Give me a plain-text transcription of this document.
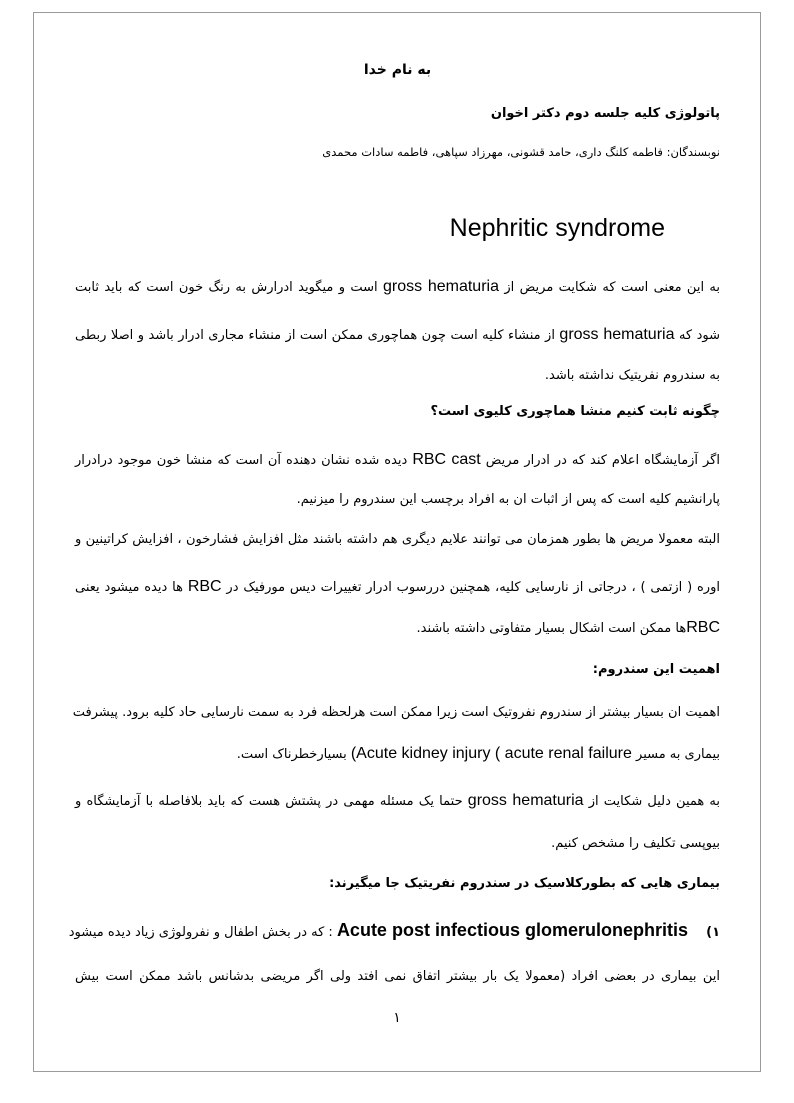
به نام خدا
پاتولوژی کلیه جلسه دوم دکتر اخوان
نوبسندگان: فاطمه کلنگ داری، حامد قشونی، مهرزاد سپاهی، فاطمه سادات محمدی
Nephritic syndrome
به این معنی است که شکایت مریض از gross hematuria است و میگوید ادرارش به رنگ خون است که باید ثابت
شود که gross hematuria از منشاء کلیه است چون هماچوری ممکن است از منشاء مجاری ادرار باشد و اصلا ربطی
به سندروم نفریتیک نداشته باشد.
چگونه ثابت کنیم منشا هماچوری کلیوی است؟
اگر آزمایشگاه اعلام کند که در ادرار مریض RBC cast دیده شده نشان دهنده آن است که منشا خون موجود درادرار
پارانشیم کلیه است که پس از اثبات ان به افراد برچسب این سندروم را میزنیم.
البته معمولا مریض ها بطور همزمان می توانند علایم دیگری هم داشته باشند مثل افزایش فشارخون ، افزایش کراتینین و
اوره ( ازتمی ) ، درجاتی از نارسایی کلیه، همچنین دررسوب ادرار تغییرات دیس مورفیک در RBC ها دیده میشود یعنی
RBCها ممکن است اشکال بسیار متفاوتی داشته باشند.
اهمیت این سندروم:
اهمیت ان بسیار بیشتر از سندروم نفروتیک است زیرا ممکن است هرلحظه فرد به سمت نارسایی حاد کلیه برود. پیشرفت
بیماری به مسیر (Acute kidney injury ( acute renal failure بسیارخطرناک است.
به همین دلیل شکایت از gross hematuria حتما یک مسئله مهمی در پشتش هست که باید بلافاصله با آزمایشگاه و
بیوپسی تکلیف را مشخص کنیم.
بیماری هایی که بطورکلاسیک در سندروم نفریتیک جا میگیرند:
۱) Acute post infectious glomerulonephritis : که در بخش اطفال و نفرولوژی زیاد دیده میشود
این بیماری در بعضی افراد (معمولا یک بار بیشتر اتفاق نمی افتد ولی اگر مریضی بدشانس باشد ممکن است بیش
۱
